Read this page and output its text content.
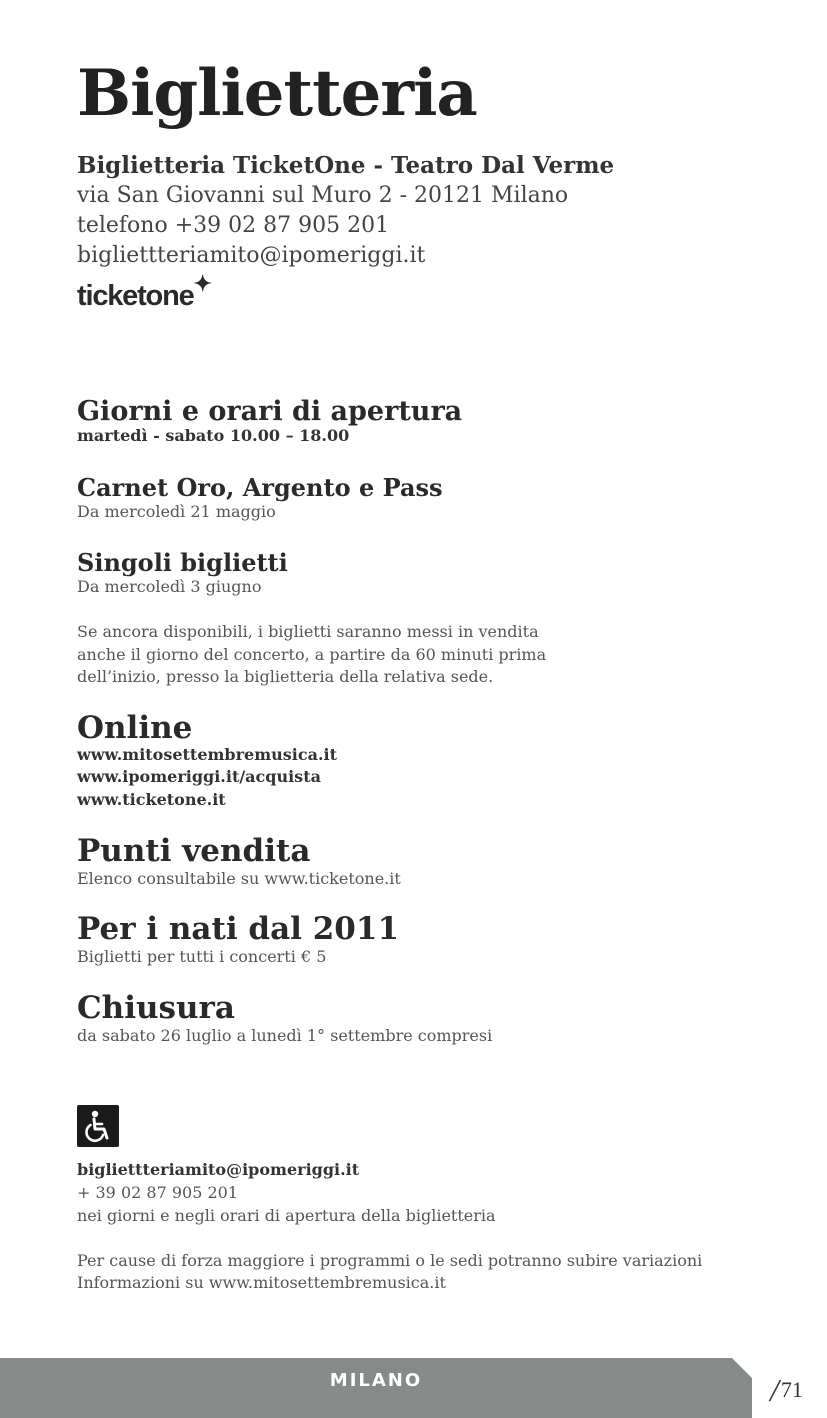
Biglietteria
Biglietteria TicketOne - Teatro Dal Verme
via San Giovanni sul Muro 2 - 20121 Milano
telefono +39 02 87 905 201
bigliettteriamito@ipomeriggi.it
ticketone✦
Giorni e orari di apertura
martedì - sabato 10.00 – 18.00
Carnet Oro, Argento e Pass
Da mercoledì 21 maggio
Singoli biglietti
Da mercoledì 3 giugno
Se ancora disponibili, i biglietti saranno messi in vendita
anche il giorno del concerto, a partire da 60 minuti prima
dell’inizio, presso la biglietteria della relativa sede.
Online
www.mitosettembremusica.it
www.ipomeriggi.it/acquista
www.ticketone.it
Punti vendita
Elenco consultabile su www.ticketone.it
Per i nati dal 2011
Biglietti per tutti i concerti € 5
Chiusura
da sabato 26 luglio a lunedì 1° settembre compresi
bigliettteriamito@ipomeriggi.it
+ 39 02 87 905 201
nei giorni e negli orari di apertura della biglietteria
Per cause di forza maggiore i programmi o le sedi potranno subire variazioni
Informazioni su www.mitosettembremusica.it
MILANO	/71
